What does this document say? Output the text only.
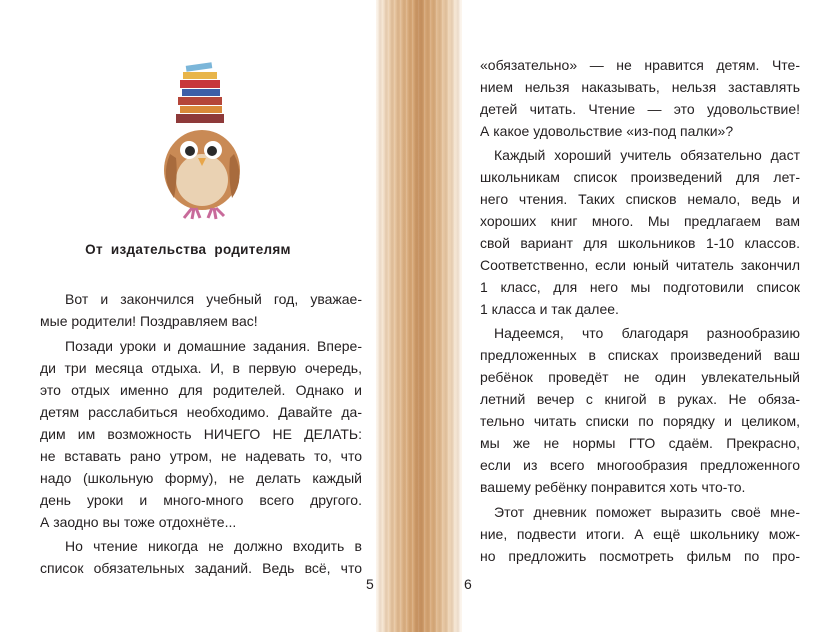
От издательства родителям
Вот и закончился учебный год, уважае-
мые родители! Поздравляем вас!
Позади уроки и домашние задания. Впере-
ди три месяца отдыха. И, в первую очередь,
это отдых именно для родителей. Однако и
детям расслабиться необходимо. Давайте да-
дим им возможность НИЧЕГО НЕ ДЕЛАТЬ:
не вставать рано утром, не надевать то, что
надо (школьную форму), не делать каждый
день уроки и много-много всего другого.
А заодно вы тоже отдохнёте...
Но чтение никогда не должно входить в
список обязательных заданий. Ведь всё, что
5
«обязательно» — не нравится детям. Чте-
нием нельзя наказывать, нельзя заставлять
детей читать. Чтение — это удовольствие!
А какое удовольствие «из-под палки»?
Каждый хороший учитель обязательно даст
школьникам список произведений для лет-
него чтения. Таких списков немало, ведь и
хороших книг много. Мы предлагаем вам
свой вариант для школьников 1-10 классов.
Соответственно, если юный читатель закончил
1 класс, для него мы подготовили список
1 класса и так далее.
Надеемся, что благодаря разнообразию
предложенных в списках произведений ваш
ребёнок проведёт не один увлекательный
летний вечер с книгой в руках. Не обяза-
тельно читать списки по порядку и целиком,
мы же не нормы ГТО сдаём. Прекрасно,
если из всего многообразия предложенного
вашему ребёнку понравится хоть что-то.
Этот дневник поможет выразить своё мне-
ние, подвести итоги. А ещё школьнику мож-
но предложить посмотреть фильм по про-
6
